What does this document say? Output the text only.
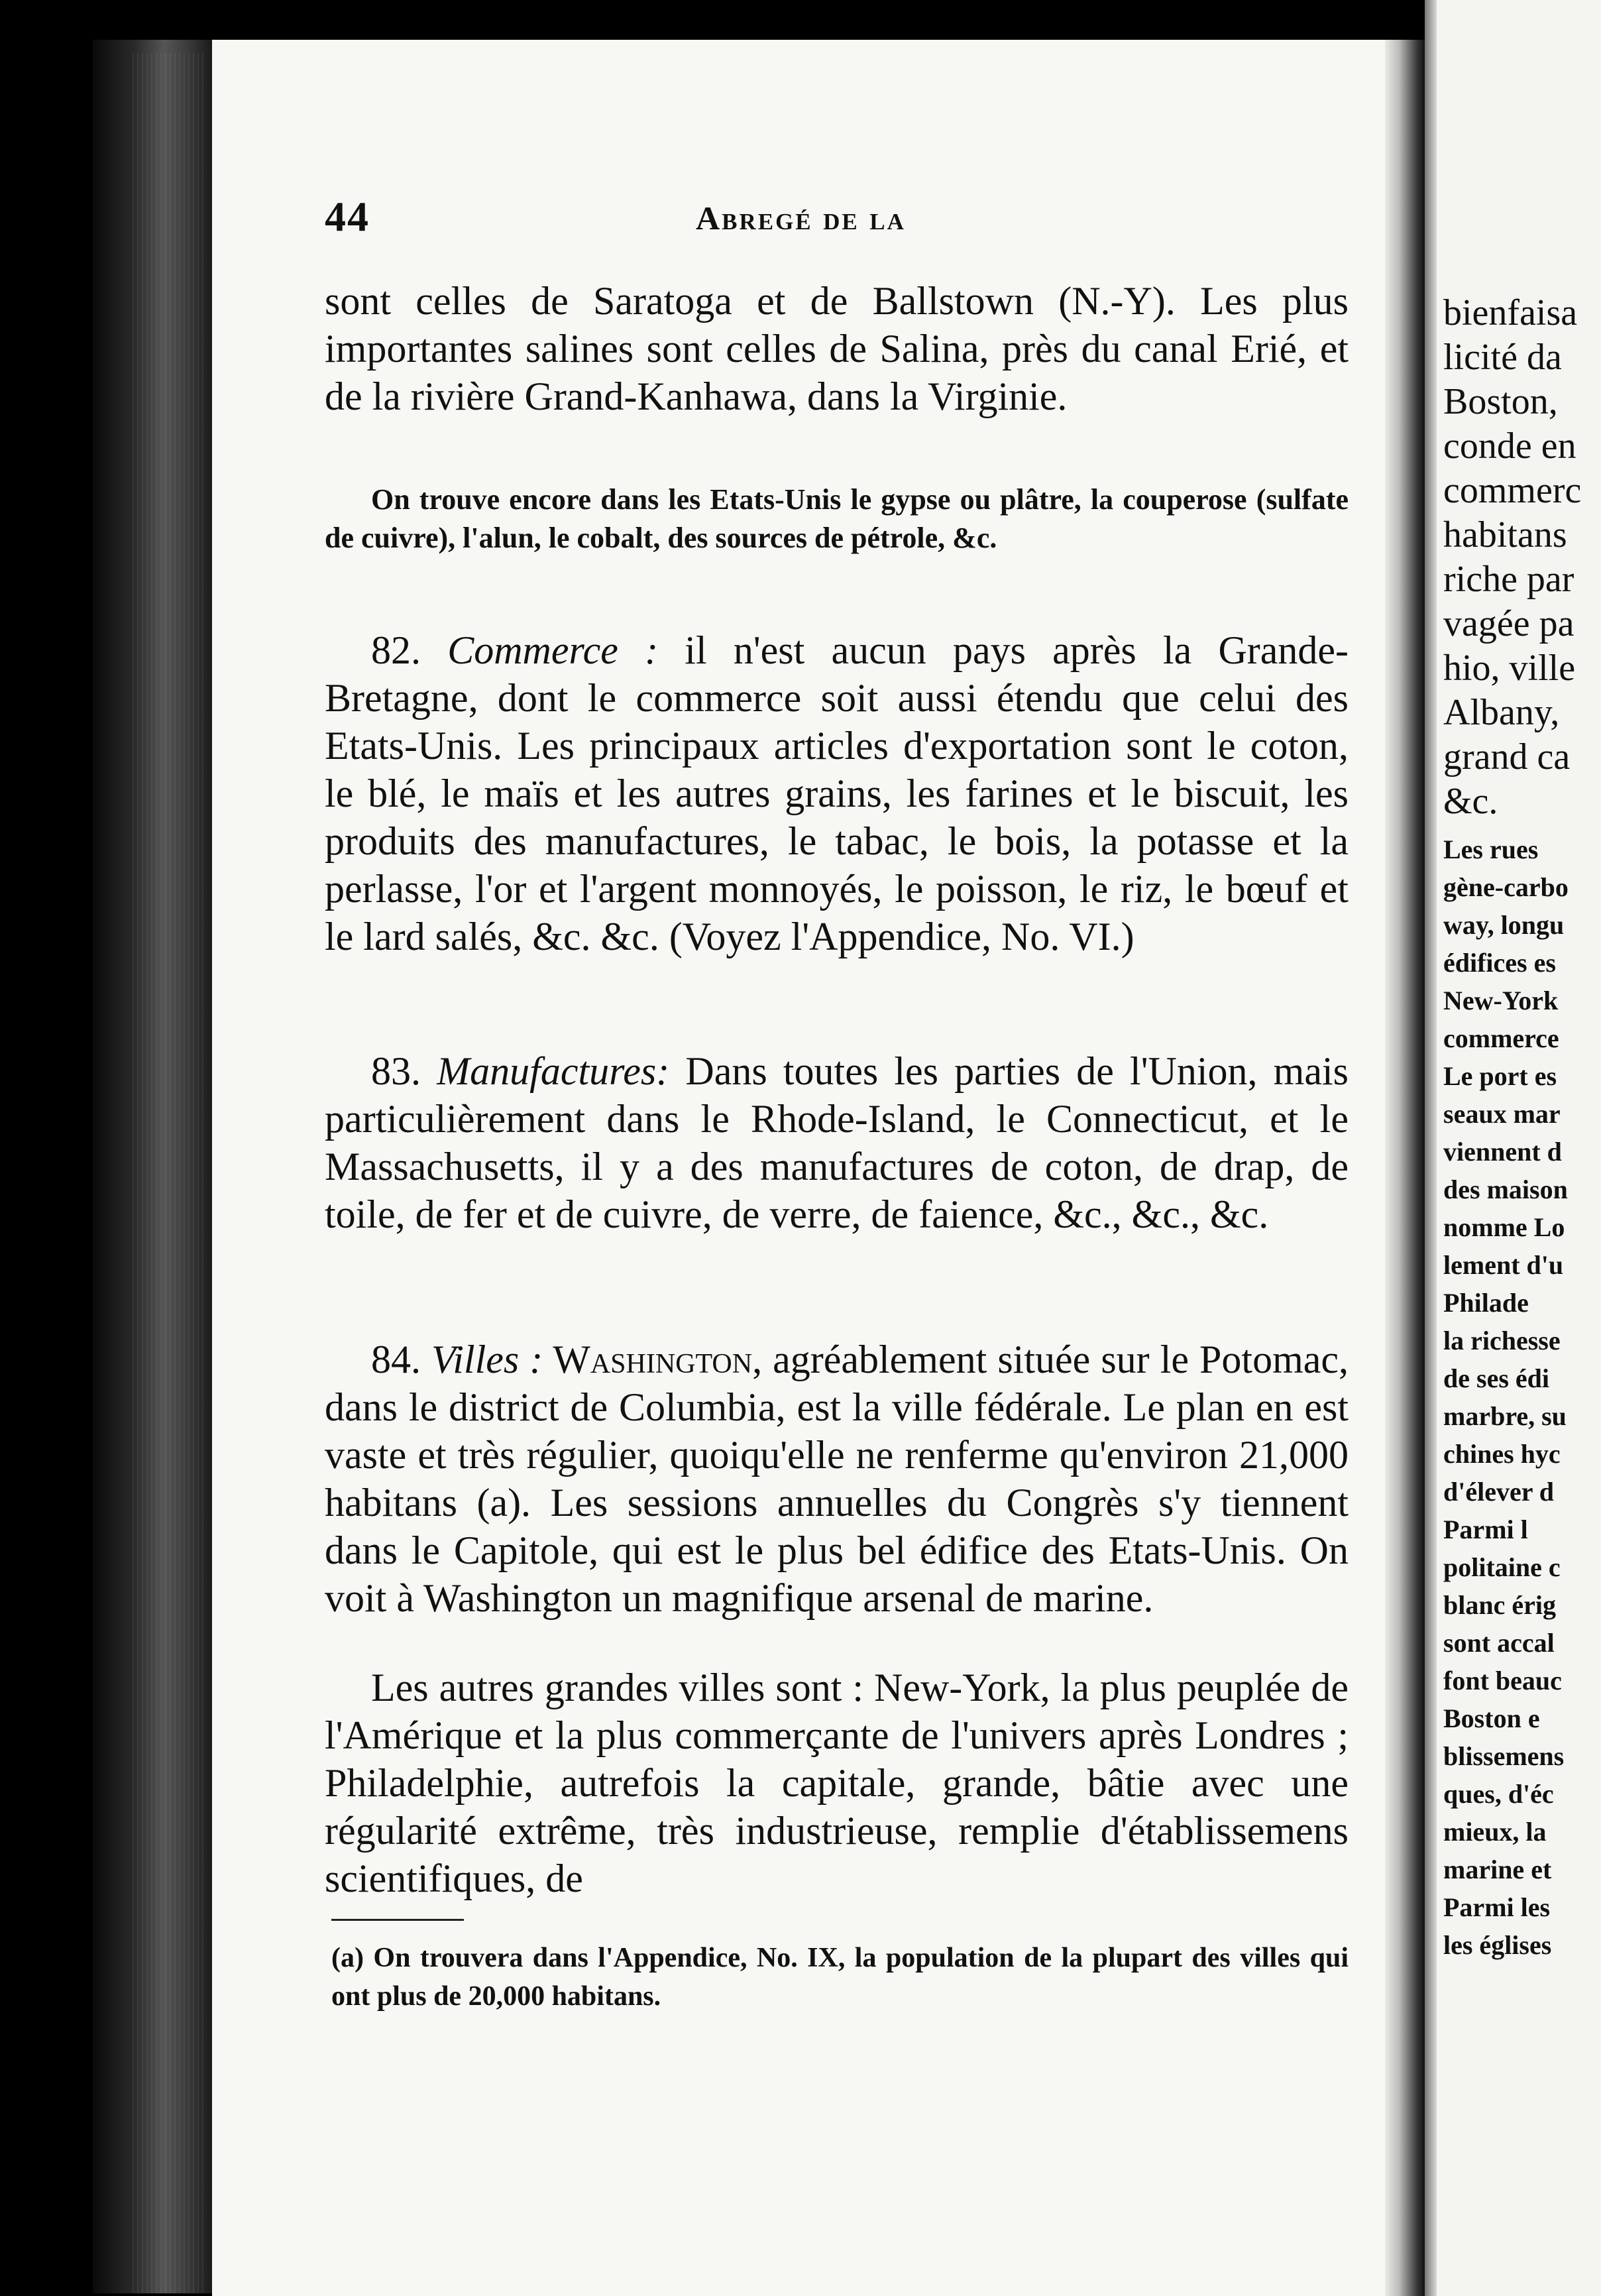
44	Abregé de la

sont celles de Saratoga et de Ballstown (N.-Y). Les plus importantes salines sont celles de Salina, près du canal Erié, et de la rivière Grand-Kanhawa, dans la Virginie.

On trouve encore dans les Etats-Unis le gypse ou plâtre, la couperose (sulfate de cuivre), l'alun, le cobalt, des sources de pétrole, &c.

82. Commerce : il n'est aucun pays après la Grande-Bretagne, dont le commerce soit aussi étendu que celui des Etats-Unis. Les principaux articles d'exportation sont le coton, le blé, le maïs et les autres grains, les farines et le biscuit, les produits des manufactures, le tabac, le bois, la potasse et la perlasse, l'or et l'argent monnoyés, le poisson, le riz, le bœuf et le lard salés, &c. &c. (Voyez l'Appendice, No. VI.)

83. Manufactures: Dans toutes les parties de l'Union, mais particulièrement dans le Rhode-Island, le Connecticut, et le Massachusetts, il y a des manufactures de coton, de drap, de toile, de fer et de cuivre, de verre, de faience, &c., &c., &c.

84. Villes : Washington, agréablement située sur le Potomac, dans le district de Columbia, est la ville fédérale. Le plan en est vaste et très régulier, quoiqu'elle ne renferme qu'environ 21,000 habitans (a). Les sessions annuelles du Congrès s'y tiennent dans le Capitole, qui est le plus bel édifice des Etats-Unis. On voit à Washington un magnifique arsenal de marine.

Les autres grandes villes sont : New-York, la plus peuplée de l'Amérique et la plus commerçante de l'univers après Londres ; Philadelphie, autrefois la capitale, grande, bâtie avec une régularité extrême, très industrieuse, remplie d'établissemens scientifiques, de

(a) On trouvera dans l'Appendice, No. IX, la population de la plupart des villes qui ont plus de 20,000 habitans.
bienfaisa
licité da
Boston,
conde en
commerc
habitans
riche par
vagée pa
hio, ville
Albany,
grand ca
&c.
Les rues
gène-carbo
way, longu
édifices es
New-York
commerce
Le port es
seaux mar
viennent d
des maison
nomme Lo
lement d'u
Philade
la richesse
de ses édi
marbre, su
chines hyc
d'élever d
Parmi l
politaine c
blanc érig
sont accal
font beauc
Boston e
blissemens
ques, d'éc
mieux, la
marine et
Parmi les
les églises
